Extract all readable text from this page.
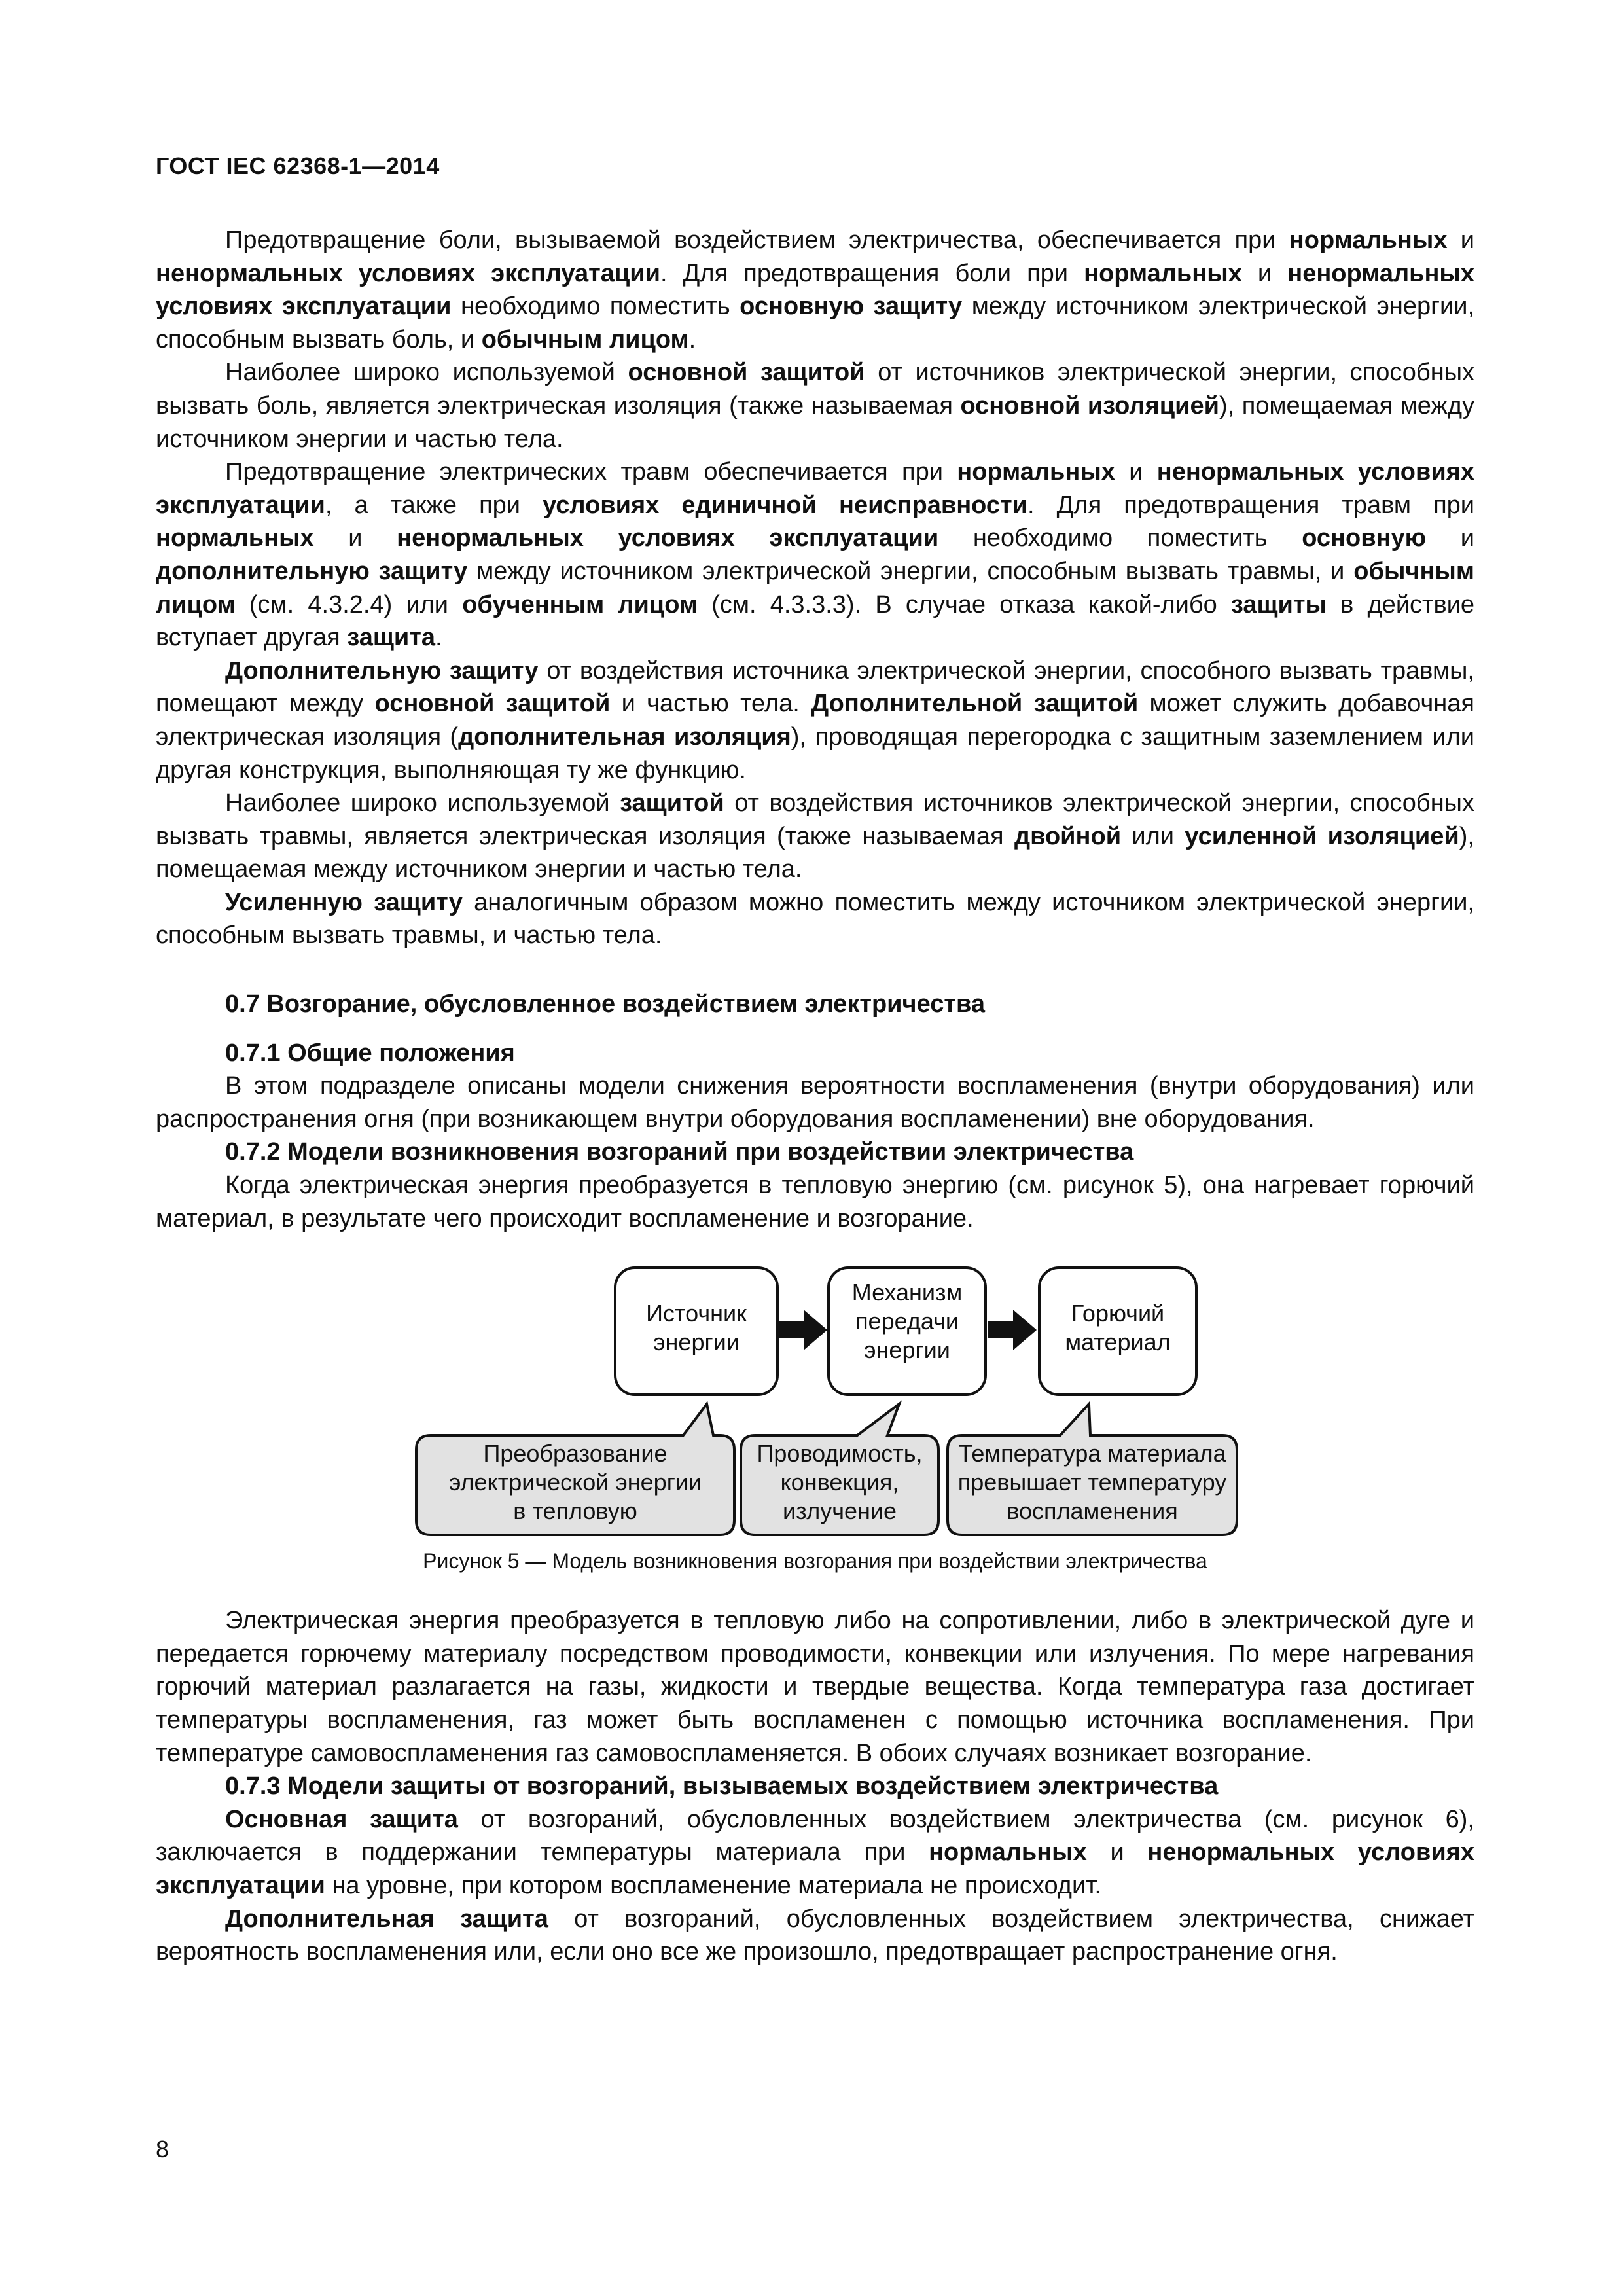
ГОСТ IEC 62368-1—2014

Предотвращение боли, вызываемой воздействием электричества, обеспечивается при нормальных и ненормальных условиях эксплуатации. Для предотвращения боли при нормальных и ненормальных условиях эксплуатации необходимо поместить основную защиту между источником электрической энергии, способным вызвать боль, и обычным лицом.

Наиболее широко используемой основной защитой от источников электрической энергии, способных вызвать боль, является электрическая изоляция (также называемая основной изоляцией), помещаемая между источником энергии и частью тела.

Предотвращение электрических травм обеспечивается при нормальных и ненормальных условиях эксплуатации, а также при условиях единичной неисправности. Для предотвращения травм при нормальных и ненормальных условиях эксплуатации необходимо поместить основную и дополнительную защиту между источником электрической энергии, способным вызвать травмы, и обычным лицом (см. 4.3.2.4) или обученным лицом (см. 4.3.3.3). В случае отказа какой-либо защиты в действие вступает другая защита.

Дополнительную защиту от воздействия источника электрической энергии, способного вызвать травмы, помещают между основной защитой и частью тела. Дополнительной защитой может служить добавочная электрическая изоляция (дополнительная изоляция), проводящая перегородка с защитным заземлением или другая конструкция, выполняющая ту же функцию.

Наиболее широко используемой защитой от воздействия источников электрической энергии, способных вызвать травмы, является электрическая изоляция (также называемая двойной или усиленной изоляцией), помещаемая между источником энергии и частью тела.

Усиленную защиту аналогичным образом можно поместить между источником электрической энергии, способным вызвать травмы, и частью тела.

0.7 Возгорание, обусловленное воздействием электричества
0.7.1 Общие положения

В этом подразделе описаны модели снижения вероятности воспламенения (внутри оборудования) или распространения огня (при возникающем внутри оборудования воспламенении) вне оборудования.

0.7.2 Модели возникновения возгораний при воздействии электричества

Когда электрическая энергия преобразуется в тепловую энергию (см. рисунок 5), она нагревает горючий материал, в результате чего происходит воспламенение и возгорание.

Источник
энергии
Механизм
передачи
энергии
Горючий
материал
Преобразование
электрической энергии
в тепловую
Проводимость,
конвекция,
излучение
Температура материала
превышает температуру
воспламенения
Рисунок 5 — Модель возникновения возгорания при воздействии электричества

Электрическая энергия преобразуется в тепловую либо на сопротивлении, либо в электрической дуге и передается горючему материалу посредством проводимости, конвекции или излучения. По мере нагревания горючий материал разлагается на газы, жидкости и твердые вещества. Когда температура газа достигает температуры воспламенения, газ может быть воспламенен с помощью источника воспламенения. При температуре самовоспламенения газ самовоспламеняется. В обоих случаях возникает возгорание.

0.7.3 Модели защиты от возгораний, вызываемых воздействием электричества

Основная защита от возгораний, обусловленных воздействием электричества (см. рисунок 6), заключается в поддержании температуры материала при нормальных и ненормальных условиях эксплуатации на уровне, при котором воспламенение материала не происходит.

Дополнительная защита от возгораний, обусловленных воздействием электричества, снижает вероятность воспламенения или, если оно все же произошло, предотвращает распространение огня.

8
